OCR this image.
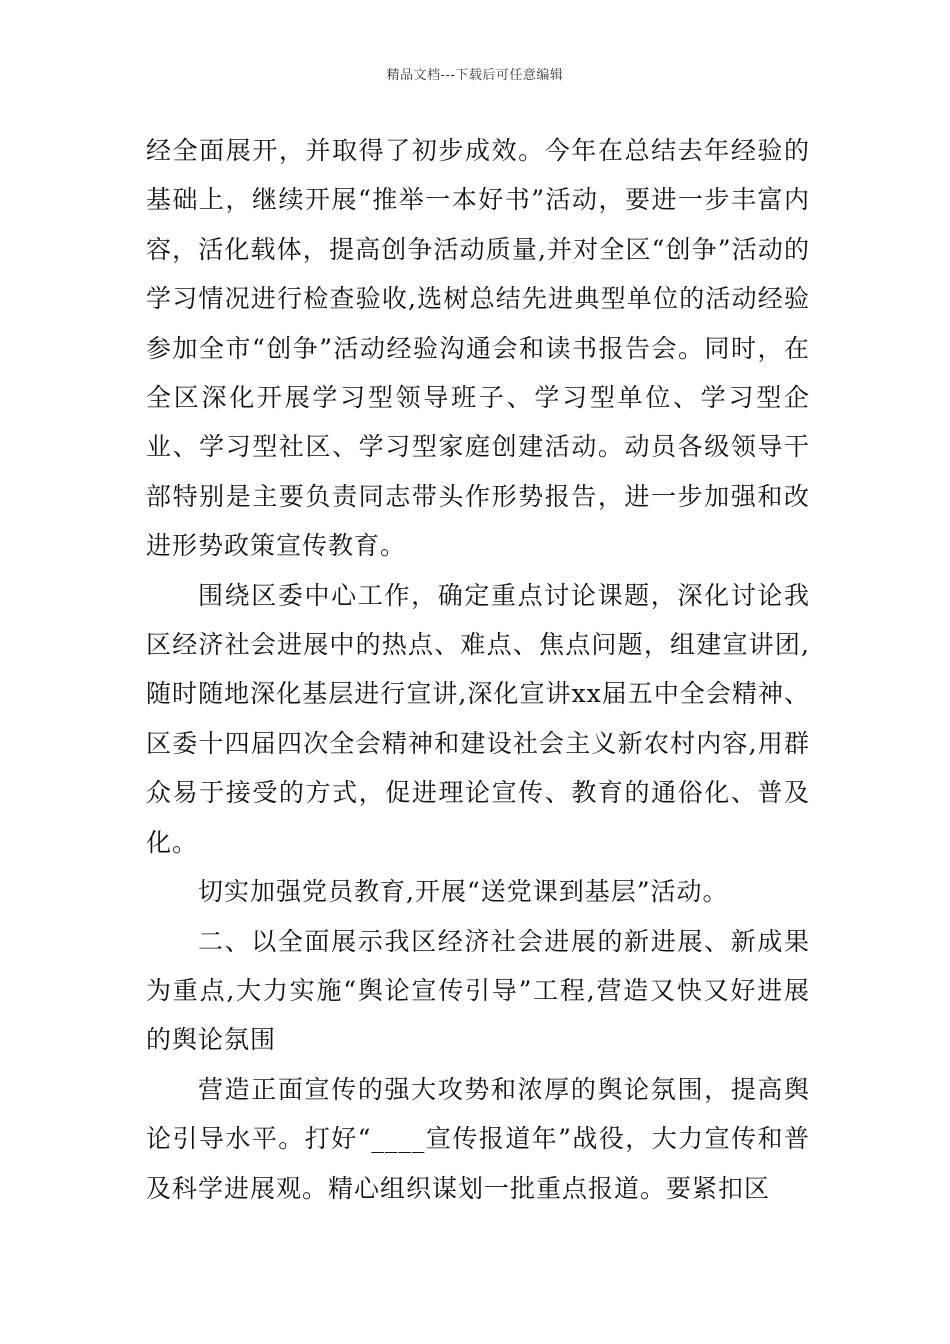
精品文档---下载后可任意编辑

经全面展开，并取得了初步成效。今年在总结去年经验的基础上，继续开展“推举一本好书”活动，要进一步丰富内容，活化载体，提高创争活动质量,并对全区“创争”活动的学习情况进行检查验收,选树总结先进典型单位的活动经验参加全市“创争”活动经验沟通会和读书报告会。同时，在全区深化开展学习型领导班子、学习型单位、学习型企业、学习型社区、学习型家庭创建活动。动员各级领导干部特别是主要负责同志带头作形势报告，进一步加强和改进形势政策宣传教育。

围绕区委中心工作，确定重点讨论课题，深化讨论我区经济社会进展中的热点、难点、焦点问题，组建宣讲团,随时随地深化基层进行宣讲,深化宣讲xx届五中全会精神、区委十四届四次全会精神和建设社会主义新农村内容,用群众易于接受的方式，促进理论宣传、教育的通俗化、普及化。

切实加强党员教育,开展“送党课到基层”活动。

二、以全面展示我区经济社会进展的新进展、新成果为重点,大力实施“舆论宣传引导”工程,营造又快又好进展的舆论氛围

营造正面宣传的强大攻势和浓厚的舆论氛围，提高舆论引导水平。打好“____宣传报道年”战役，大力宣传和普及科学进展观。精心组织谋划一批重点报道。要紧扣区
